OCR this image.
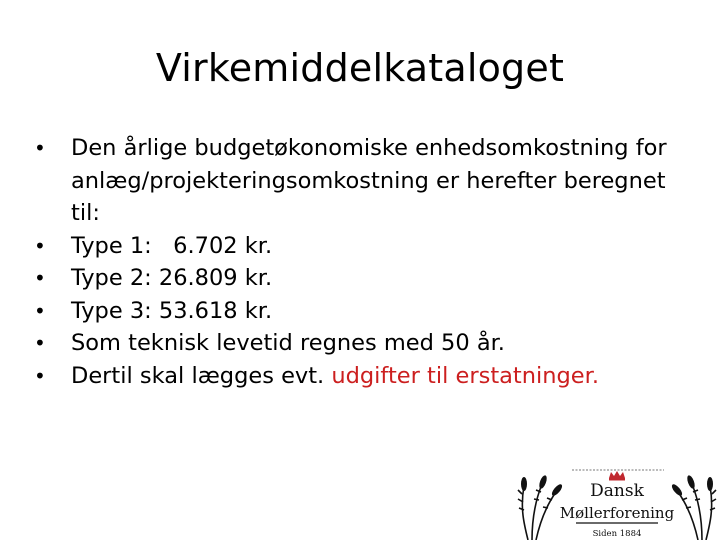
Virkemiddelkataloget
• Den årlige budgetøkonomiske enhedsomkostning for anlæg/projekteringsomkostning er herefter beregnet til:
• Type 1:   6.702 kr.
• Type 2: 26.809 kr.
• Type 3: 53.618 kr.
• Som teknisk levetid regnes med 50 år.
• Dertil skal lægges evt. udgifter til erstatninger.
Dansk
Møllerforening
Siden 1884
